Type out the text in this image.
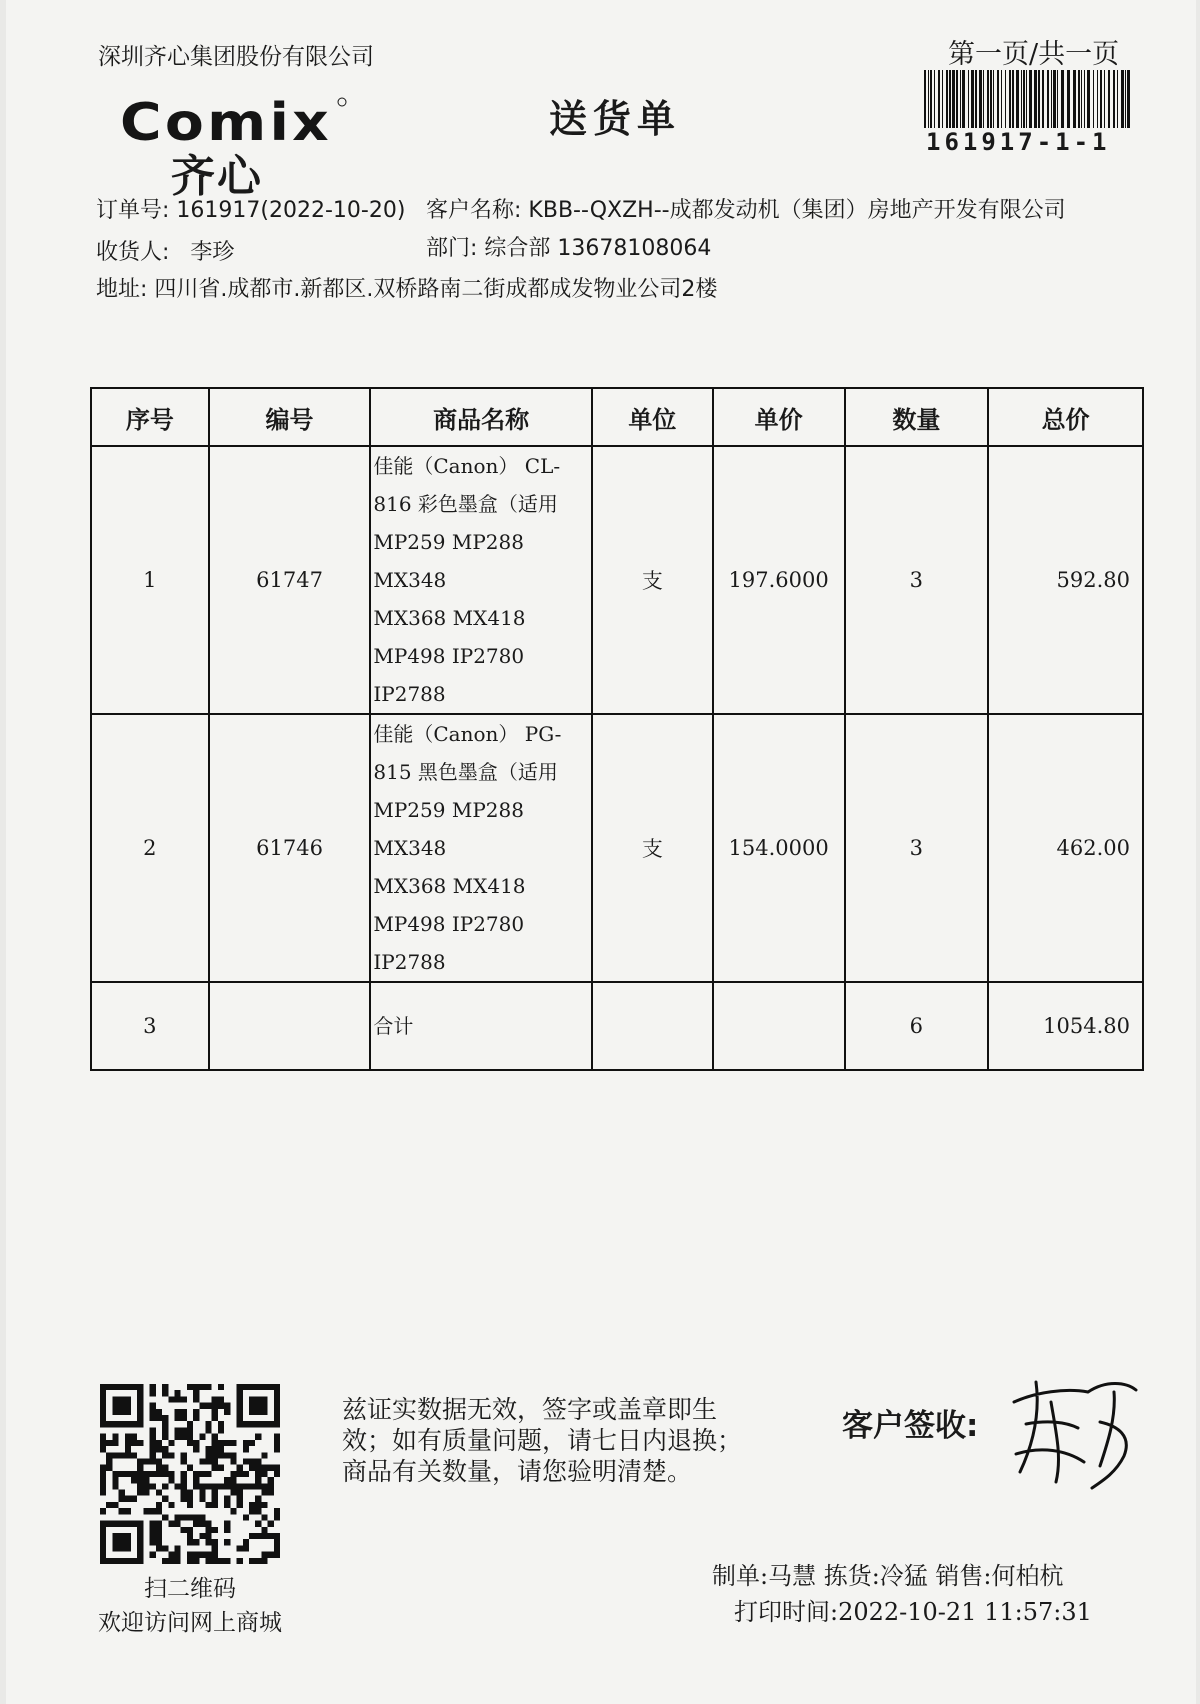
深圳齐心集团股份有限公司	第一页/共一页
161917-1-1
Comix
齐心
送货单
订单号: 161917(2022-10-20) 客户名称: KBB--QXZH--成都发动机（集团）房地产开发有限公司
收货人: 李珍	部门: 综合部 13678108064
地址: 四川省.成都市.新都区.双桥路南二街成都成发物业公司2楼
序号	编号	商品名称	单位	单价	数量	总价
1	61747	佳能（Canon） CL-
816 彩色墨盒（适用
MP259 MP288 MX348
MX368 MX418
MP498 IP2780 IP2788	支	197.6000	3	592.80
2	61746	佳能（Canon） PG-
815 黑色墨盒（适用
MP259 MP288 MX348
MX368 MX418
MP498 IP2780 IP2788	支	154.0000	3	462.00
3		合计			6	1054.80
扫二维码
欢迎访问网上商城
兹证实数据无效，签字或盖章即生效；如有质量问题，请七日内退换；商品有关数量，请您验明清楚。
客户签收:
制单:马慧 拣货:冷猛 销售:何柏杭
打印时间:2022-10-21 11:57:31
